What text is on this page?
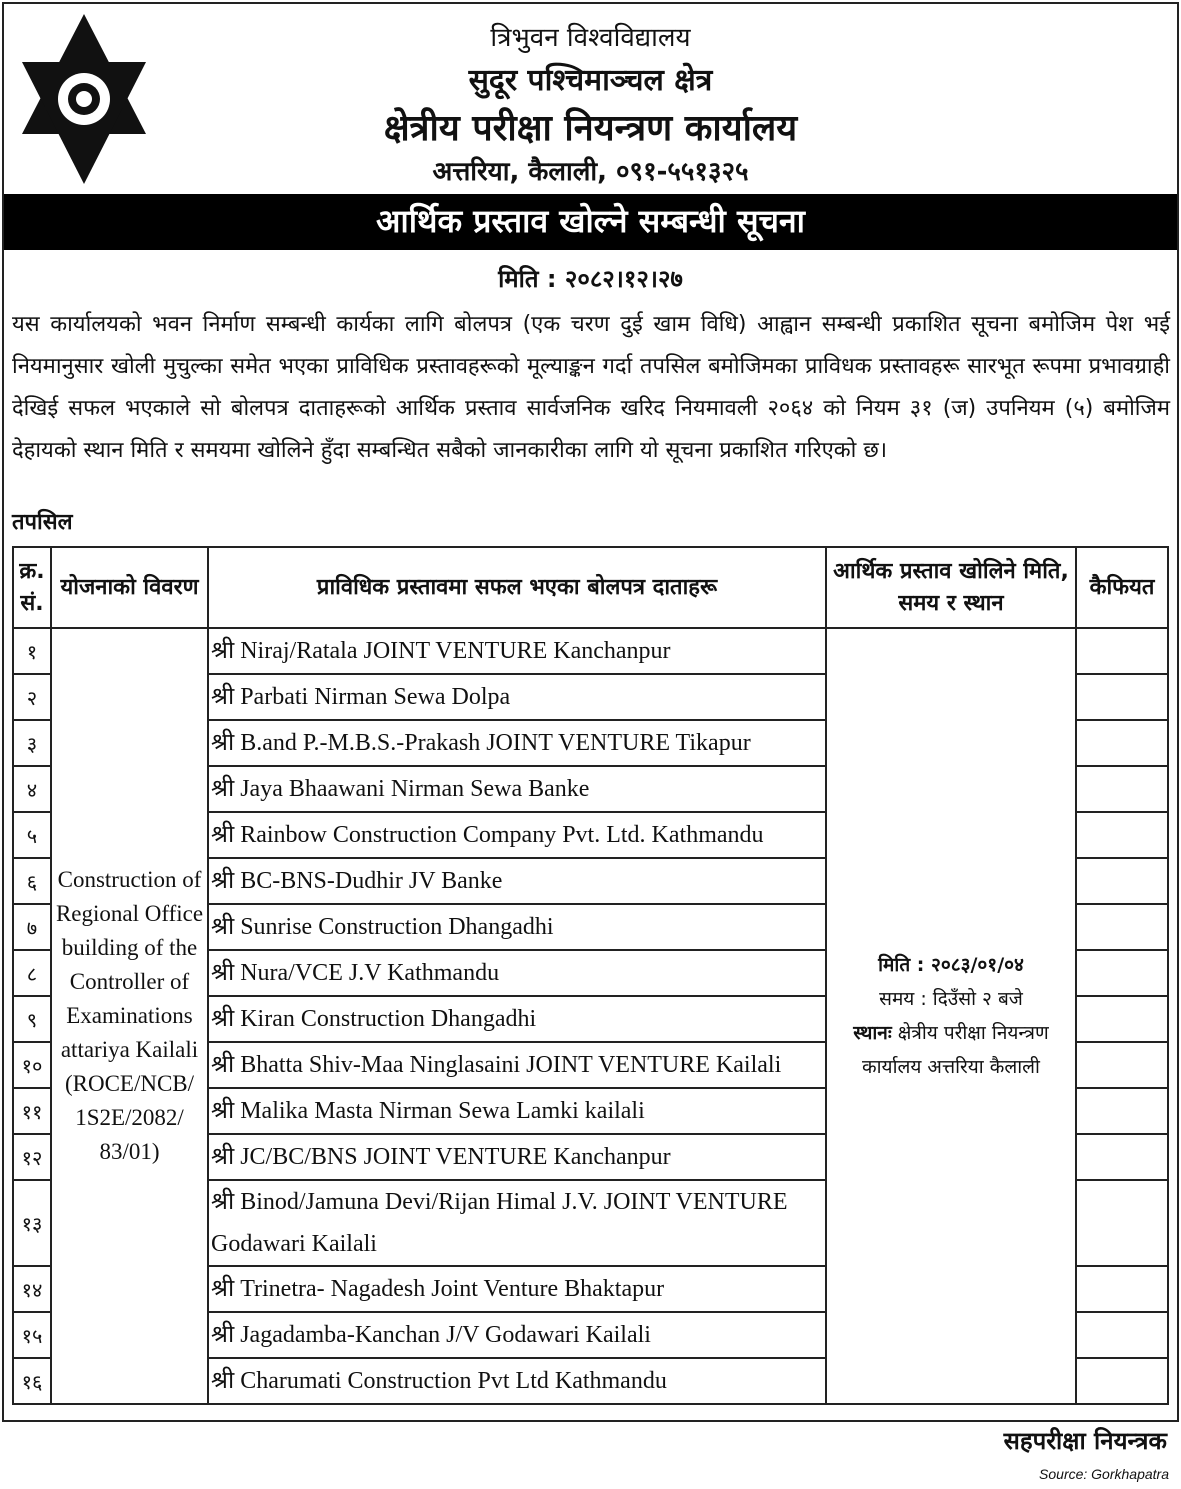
त्रिभुवन विश्वविद्यालय
सुदूर पश्चिमाञ्चल क्षेत्र
क्षेत्रीय परीक्षा नियन्त्रण कार्यालय
अत्तरिया, कैलाली, ०९१-५५१३२५
आर्थिक प्रस्ताव खोल्ने सम्बन्धी सूचना
मिति : २०८२।१२।२७
यस कार्यालयको भवन निर्माण सम्बन्धी कार्यका लागि बोलपत्र (एक चरण दुई खाम विधि) आह्वान सम्बन्धी प्रकाशित सूचना बमोजिम पेश भई नियमानुसार खोली मुचुल्का समेत भएका प्राविधिक प्रस्तावहरूको मूल्याङ्कन गर्दा तपसिल बमोजिमका प्राविधक प्रस्तावहरू सारभूत रूपमा प्रभावग्राही देखिई सफल भएकाले सो बोलपत्र दाताहरूको आर्थिक प्रस्ताव सार्वजनिक खरिद नियमावली २०६४ को नियम ३१ (ज) उपनियम (५) बमोजिम देहायको स्थान मिति र समयमा खोलिने हुँदा सम्बन्धित सबैको जानकारीका लागि यो सूचना प्रकाशित गरिएको छ।
तपसिल
क्र. सं.	योजनाको विवरण	प्राविधिक प्रस्तावमा सफल भएका बोलपत्र दाताहरू	आर्थिक प्रस्ताव खोलिने मिति, समय र स्थान	कैफियत
१	Construction of Regional Office building of the Controller of Examinations attariya Kailali (ROCE/NCB/ 1S2E/2082/ 83/01)	श्री Niraj/Ratala JOINT VENTURE Kanchanpur	मिति : २०८३/०१/०४
समय : दिउँसो २ बजे
स्थानः क्षेत्रीय परीक्षा नियन्त्रण कार्यालय अत्तरिया कैलाली	

२		श्री Parbati Nirman Sewa Dolpa		
३		श्री B.and P.-M.B.S.-Prakash JOINT VENTURE Tikapur		
४		श्री Jaya Bhaawani Nirman Sewa Banke		
५		श्री Rainbow Construction Company Pvt. Ltd. Kathmandu		
६		श्री BC-BNS-Dudhir JV Banke		
७		श्री Sunrise Construction Dhangadhi		
८		श्री Nura/VCE J.V Kathmandu		
९		श्री Kiran Construction Dhangadhi		
१०		श्री Bhatta Shiv-Maa Ninglasaini JOINT VENTURE Kailali		
११		श्री Malika Masta Nirman Sewa Lamki kailali		
१२		श्री JC/BC/BNS JOINT VENTURE Kanchanpur		
१३		श्री Binod/Jamuna Devi/Rijan Himal J.V. JOINT VENTURE Godawari Kailali		
१४		श्री Trinetra- Nagadesh Joint Venture Bhaktapur		
१५		श्री Jagadamba-Kanchan J/V Godawari Kailali		
१६		श्री Charumati Construction Pvt Ltd Kathmandu		
सहपरीक्षा नियन्त्रक
Source: Gorkhapatra
